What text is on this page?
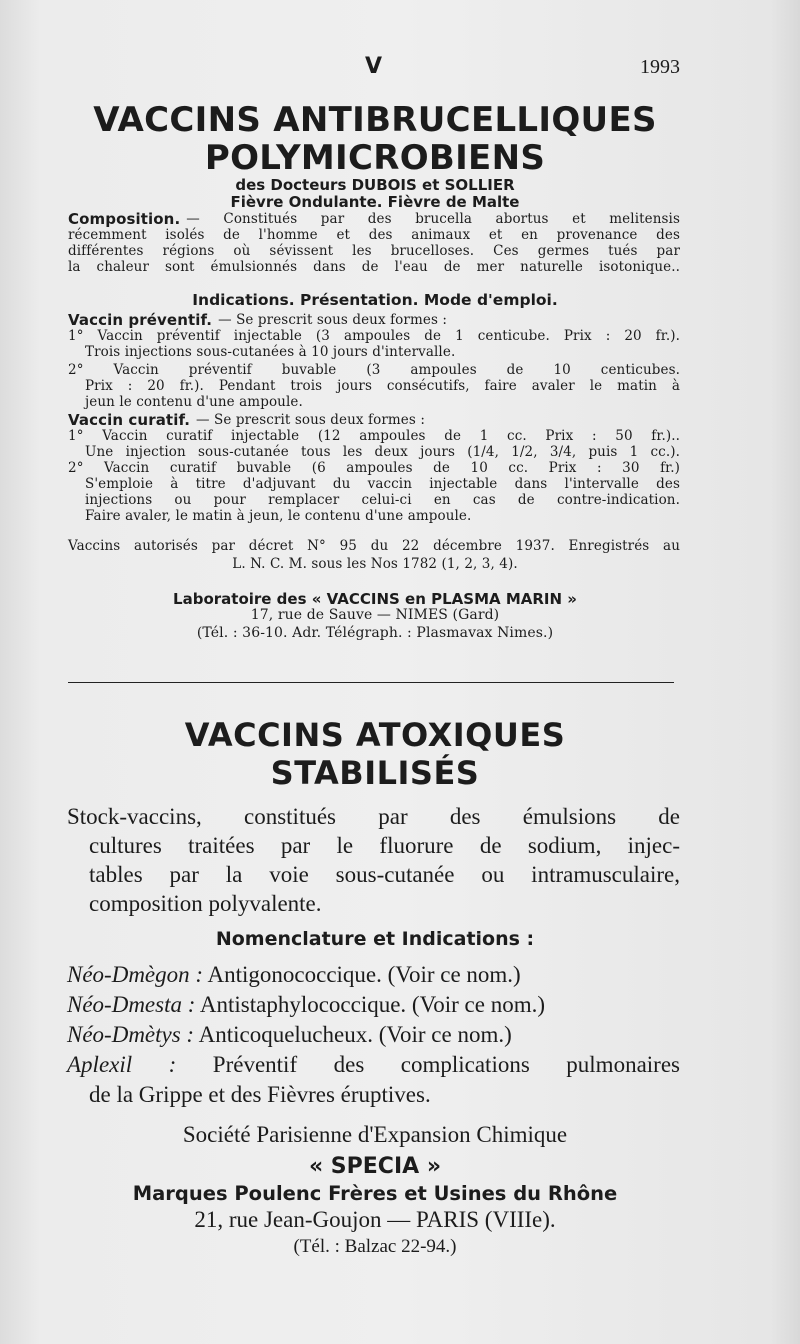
V	1993
VACCINS ANTIBRUCELLIQUES
POLYMICROBIENS
des Docteurs DUBOIS et SOLLIER
Fièvre Ondulante. Fièvre de Malte
Composition. — Constitués par des brucella abortus et melitensis
récemment isolés de l'homme et des animaux et en provenance des
différentes régions où sévissent les brucelloses. Ces germes tués par
la chaleur sont émulsionnés dans de l'eau de mer naturelle isotonique..
Indications. Présentation. Mode d'emploi.
Vaccin préventif. — Se prescrit sous deux formes :
1° Vaccin préventif injectable (3 ampoules de 1 centicube. Prix : 20 fr.).
Trois injections sous-cutanées à 10 jours d'intervalle.
2° Vaccin préventif buvable (3 ampoules de 10 centicubes.
Prix : 20 fr.). Pendant trois jours consécutifs, faire avaler le matin à
jeun le contenu d'une ampoule.
Vaccin curatif. — Se prescrit sous deux formes :
1° Vaccin curatif injectable (12 ampoules de 1 cc. Prix : 50 fr.)..
Une injection sous-cutanée tous les deux jours (1/4, 1/2, 3/4, puis 1 cc.).
2° Vaccin curatif buvable (6 ampoules de 10 cc. Prix : 30 fr.)
S'emploie à titre d'adjuvant du vaccin injectable dans l'intervalle des
injections ou pour remplacer celui-ci en cas de contre-indication.
Faire avaler, le matin à jeun, le contenu d'une ampoule.
Vaccins autorisés par décret N° 95 du 22 décembre 1937. Enregistrés au
L. N. C. M. sous les Nos 1782 (1, 2, 3, 4).
Laboratoire des « VACCINS en PLASMA MARIN »
17, rue de Sauve — NIMES (Gard)
(Tél. : 36-10. Adr. Télégraph. : Plasmavax Nimes.)
VACCINS ATOXIQUES
STABILISÉS
Stock-vaccins, constitués par des émulsions de
cultures traitées par le fluorure de sodium, injec-
tables par la voie sous-cutanée ou intramusculaire,
composition polyvalente.
Nomenclature et Indications :
Néo-Dmègon : Antigonococcique. (Voir ce nom.)
Néo-Dmesta : Antistaphylococcique. (Voir ce nom.)
Néo-Dmètys : Anticoquelucheux. (Voir ce nom.)
Aplexil : Préventif des complications pulmonaires
de la Grippe et des Fièvres éruptives.
Société Parisienne d'Expansion Chimique
« SPECIA »
Marques Poulenc Frères et Usines du Rhône
21, rue Jean-Goujon — PARIS (VIIIe).
(Tél. : Balzac 22-94.)
